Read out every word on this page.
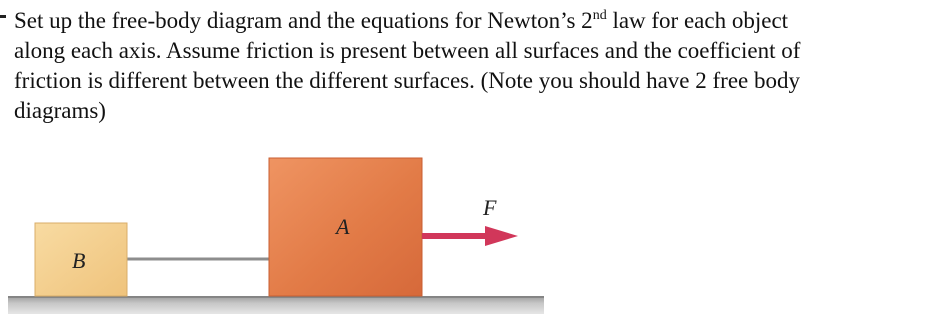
Set up the free-body diagram and the equations for Newton’s 2nd law for each object
along each axis. Assume friction is present between all surfaces and the coefficient of
friction is different between the different surfaces. (Note you should have 2 free body
diagrams)
B
A
F
